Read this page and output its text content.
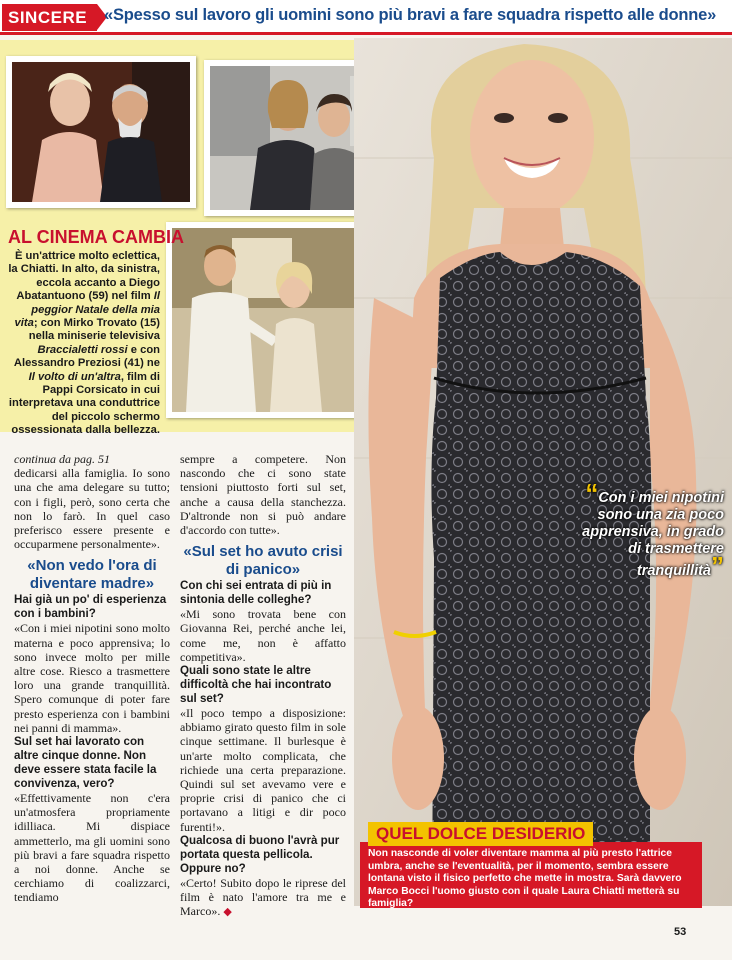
SINCERE	«Spesso sul lavoro gli uomini sono più bravi a fare squadra rispetto alle donne»
AL CINEMA CAMBIA
È un'attrice molto eclettica, la Chiatti. In alto, da sinistra, eccola accanto a Diego Abatantuono (59) nel film Il peggior Natale della mia vita; con Mirko Trovato (15) nella miniserie televisiva Braccialetti rossi e con Alessandro Preziosi (41) ne Il volto di un'altra, film di Pappi Corsicato in cui interpretava una conduttrice del piccolo schermo ossessionata dalla bellezza.
“Con i miei nipotini sono una zia poco apprensiva, in grado di trasmettere tranquillità”

continua da pag. 51

dedicarsi alla famiglia. Io sono una che ama delegare su tutto; con i figli, però, sono certa che non lo farò. In quel caso preferisco essere presente e occuparmene personalmente».

«Non vedo l'ora di diventare madre»

Hai già un po' di esperienza con i bambini?

«Con i miei nipotini sono molto materna e poco apprensiva; lo sono invece molto per mille altre cose. Riesco a trasmettere loro una grande tranquillità. Spero comunque di poter fare presto esperienza con i bambini nei panni di mamma».

Sul set hai lavorato con altre cinque donne. Non deve essere stata facile la convivenza, vero?

«Effettivamente non c'era un'atmosfera propriamente idilliaca. Mi dispiace ammetterlo, ma gli uomini sono più bravi a fare squadra rispetto a noi donne. Anche se cerchiamo di coalizzarci, tendiamo

sempre a competere. Non nascondo che ci sono state tensioni piuttosto forti sul set, anche a causa della stanchezza. D'altronde non si può andare d'accordo con tutte».

«Sul set ho avuto crisi di panico»

Con chi sei entrata di più in sintonia delle colleghe?

«Mi sono trovata bene con Giovanna Rei, perché anche lei, come me, non è affatto competitiva».

Quali sono state le altre difficoltà che hai incontrato sul set?

«Il poco tempo a disposizione: abbiamo girato questo film in sole cinque settimane. Il burlesque è un'arte molto complicata, che richiede una certa preparazione. Quindi sul set avevamo vere e proprie crisi di panico che ci portavano a litigi e dir poco furenti!».

Qualcosa di buono l'avrà pur portata questa pellicola. Oppure no?

«Certo! Subito dopo le riprese del film è nato l'amore tra me e Marco». ◆

QUEL DOLCE DESIDERIO
Non nasconde di voler diventare mamma al più presto l'attrice umbra, anche se l'eventualità, per il momento, sembra essere lontana visto il fisico perfetto che mette in mostra. Sarà davvero Marco Bocci l'uomo giusto con il quale Laura Chiatti metterà su famiglia?
53
